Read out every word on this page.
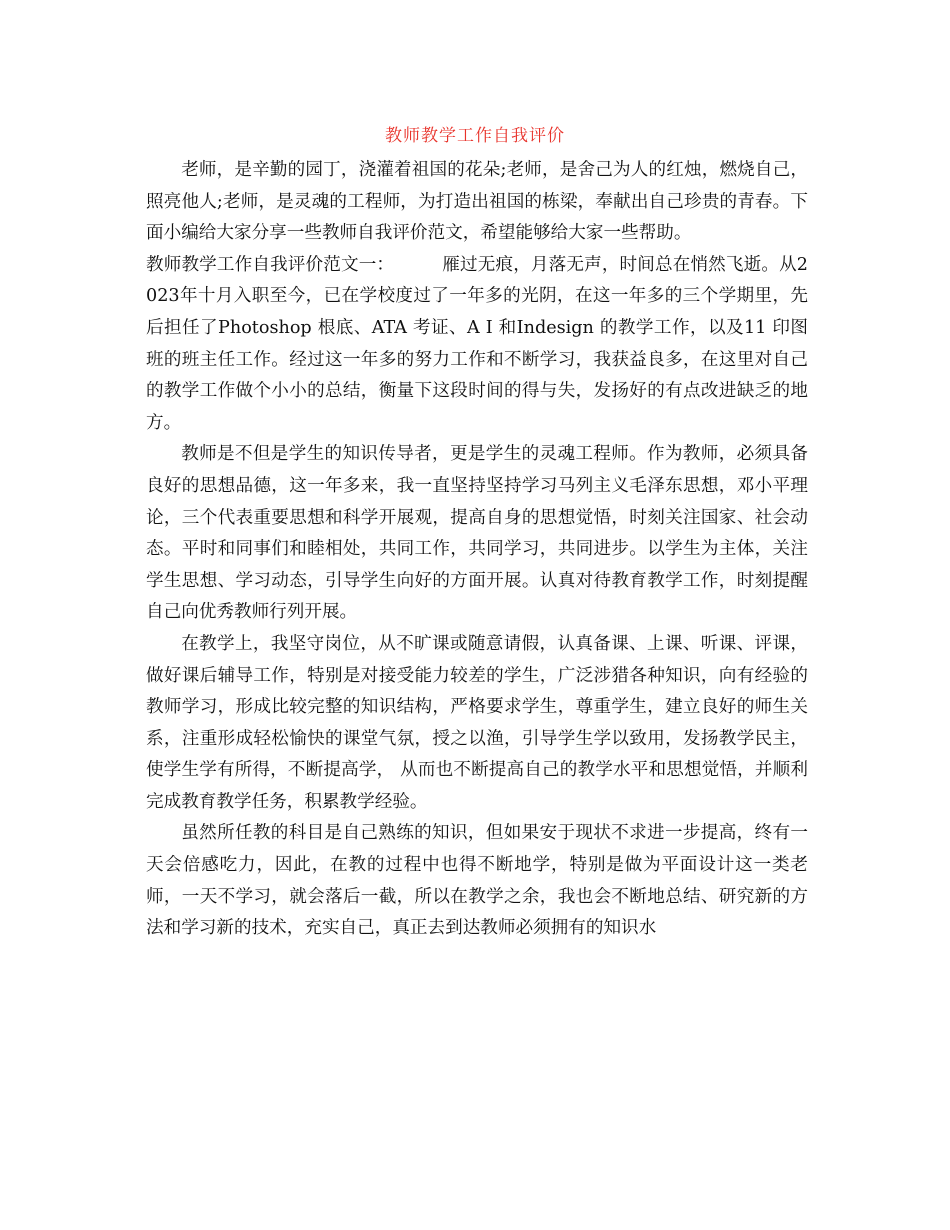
教师教学工作自我评价

老师，是辛勤的园丁，浇灌着祖国的花朵;老师，是舍己为人的红烛，燃烧自己，照亮他人;老师，是灵魂的工程师，为打造出祖国的栋梁，奉献出自己珍贵的青春。下面小编给大家分享一些教师自我评价范文，希望能够给大家一些帮助。

教师教学工作自我评价范文一：	雁过无痕，月落无声，时间总在悄然飞逝。从2023年十月入职至今，已在学校度过了一年多的光阴，在这一年多的三个学期里，先后担任了Photoshop 根底、ATA 考证、A I 和Indesign 的教学工作，以及11 印图班的班主任工作。经过这一年多的努力工作和不断学习，我获益良多，在这里对自己的教学工作做个小小的总结，衡量下这段时间的得与失，发扬好的有点改进缺乏的地方。

教师是不但是学生的知识传导者，更是学生的灵魂工程师。作为教师，必须具备良好的思想品德，这一年多来，我一直坚持坚持学习马列主义毛泽东思想，邓小平理论，三个代表重要思想和科学开展观，提高自身的思想觉悟，时刻关注国家、社会动态。平时和同事们和睦相处，共同工作，共同学习，共同进步。以学生为主体，关注学生思想、学习动态，引导学生向好的方面开展。认真对待教育教学工作，时刻提醒自己向优秀教师行列开展。

在教学上，我坚守岗位，从不旷课或随意请假，认真备课、上课、听课、评课，做好课后辅导工作，特别是对接受能力较差的学生，广泛涉猎各种知识，向有经验的教师学习，形成比较完整的知识结构，严格要求学生，尊重学生，建立良好的师生关系，注重形成轻松愉快的课堂气氛，授之以渔，引导学生学以致用，发扬教学民主，使学生学有所得，不断提高学， 从而也不断提高自己的教学水平和思想觉悟，并顺利完成教育教学任务，积累教学经验。

虽然所任教的科目是自己熟练的知识，但如果安于现状不求进一步提高，终有一天会倍感吃力，因此，在教的过程中也得不断地学，特别是做为平面设计这一类老师，一天不学习，就会落后一截，所以在教学之余，我也会不断地总结、研究新的方法和学习新的技术，充实自己，真正去到达教师必须拥有的知识水
